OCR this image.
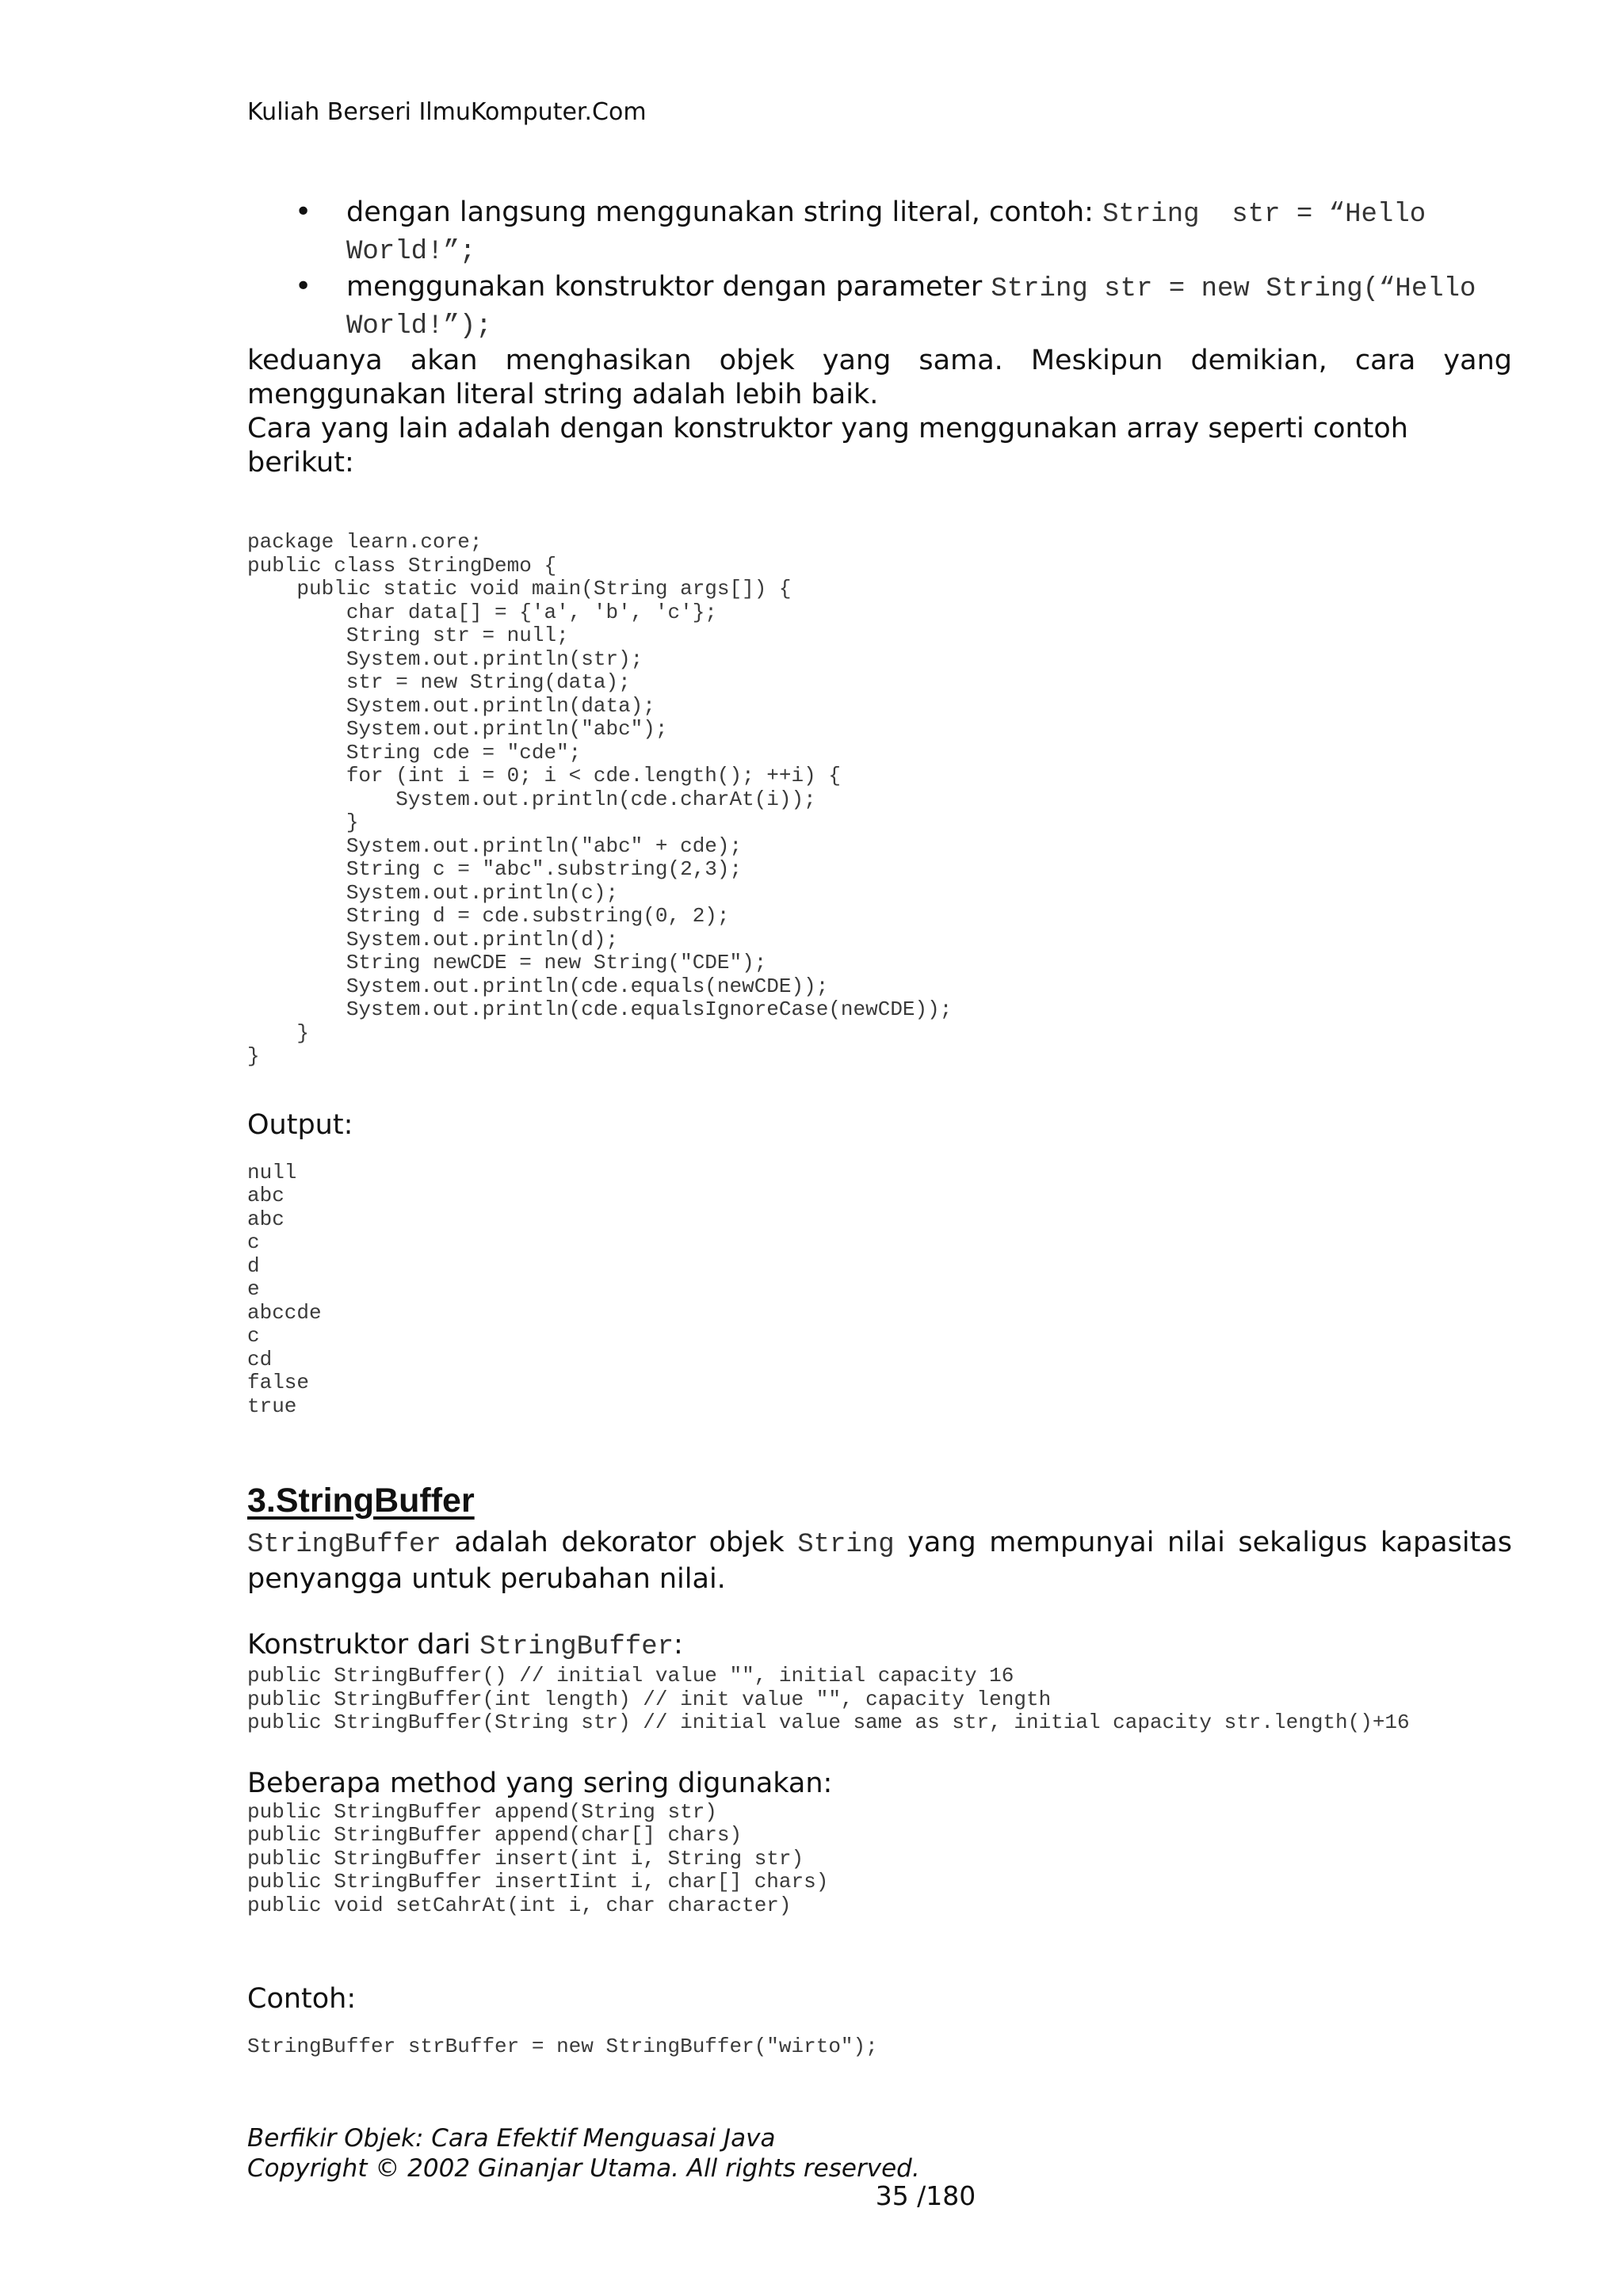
Kuliah Berseri IlmuKomputer.Com
• dengan langsung menggunakan string literal, contoh: String  str = “Hello World!”;
• menggunakan konstruktor dengan parameter String str = new String(“Hello World!”);

keduanya akan menghasikan objek yang sama. Meskipun demikian, cara yang menggunakan literal string adalah lebih baik.

Cara yang lain adalah dengan konstruktor yang menggunakan array seperti contoh berikut:

package learn.core;
public class StringDemo {
public static void main(String args[]) {
char data[] = {'a', 'b', 'c'};
String str = null;
System.out.println(str);
str = new String(data);
System.out.println(data);
System.out.println("abc");
String cde = "cde";
for (int i = 0; i < cde.length(); ++i) {
System.out.println(cde.charAt(i));
}
System.out.println("abc" + cde);
String c = "abc".substring(2,3);
System.out.println(c);
String d = cde.substring(0, 2);
System.out.println(d);
String newCDE = new String("CDE");
System.out.println(cde.equals(newCDE));
System.out.println(cde.equalsIgnoreCase(newCDE));
}
}

Output:

null
abc
abc
c
d
e
abccde
c
cd
false
true
3.StringBuffer

StringBuffer adalah dekorator objek String yang mempunyai nilai sekaligus kapasitas penyangga untuk perubahan nilai.

Konstruktor dari StringBuffer:

public StringBuffer() // initial value "", initial capacity 16
public StringBuffer(int length) // init value "", capacity length
public StringBuffer(String str) // initial value same as str, initial capacity str.length()+16

Beberapa method yang sering digunakan:

public StringBuffer append(String str)
public StringBuffer append(char[] chars)
public StringBuffer insert(int i, String str)
public StringBuffer insertIint i, char[] chars)
public void setCahrAt(int i, char character)

Contoh:

StringBuffer strBuffer = new StringBuffer("wirto");
Berfikir Objek: Cara Efektif Menguasai Java
Copyright © 2002 Ginanjar Utama. All rights reserved.
35 /180
